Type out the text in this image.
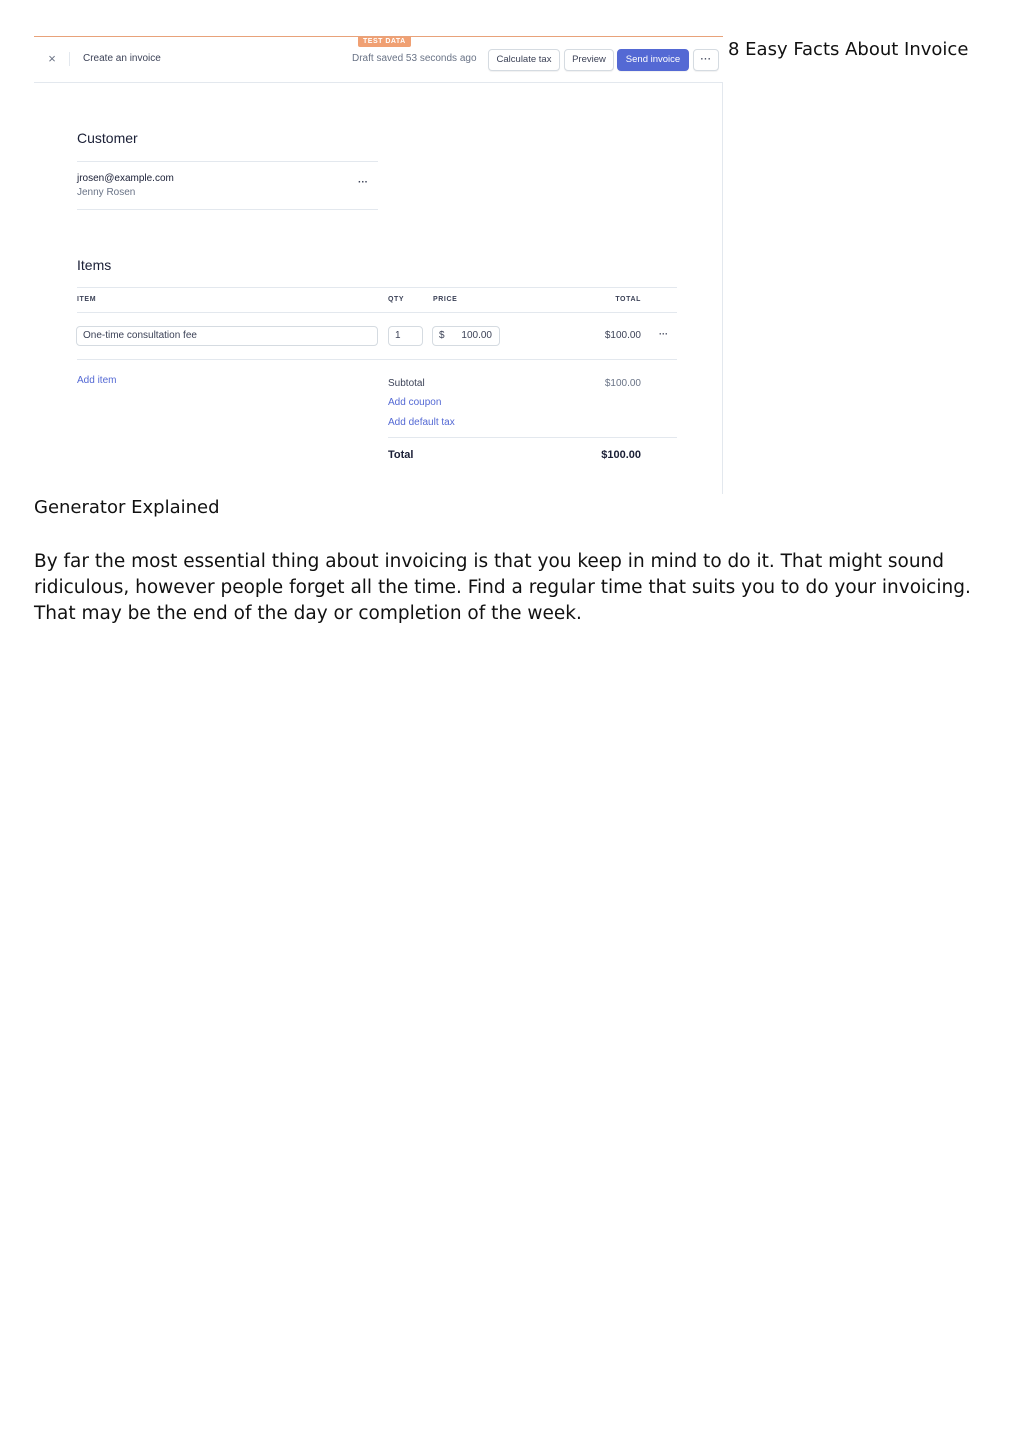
TEST DATA
×	Create an invoice	Draft saved 53 seconds ago	Calculate tax	Preview	Send invoice	···
Customer
jrosen@example.com
Jenny Rosen
···
Items
ITEM	QTY	PRICE	TOTAL
One-time consultation fee	1	$ 100.00	$100.00 ···
Add item	Subtotal	$100.00
Add coupon
Add default tax
Total	$100.00
8 Easy Facts About Invoice
Generator Explained

By far the most essential thing about invoicing is that you keep in mind to do it. That might sound ridiculous, however people forget all the time. Find a regular time that suits you to do your invoicing. That may be the end of the day or completion of the week.
